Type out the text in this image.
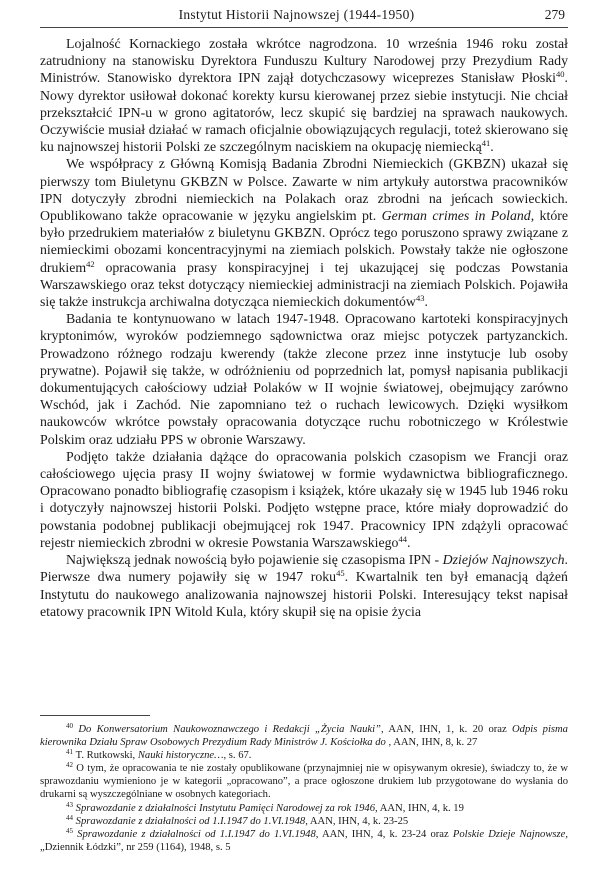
Instytut Historii Najnowszej (1944-1950)	279

Lojalność Kornackiego została wkrótce nagrodzona. 10 września 1946 roku został zatrudniony na stanowisku Dyrektora Funduszu Kultury Narodowej przy Prezydium Rady Ministrów. Stanowisko dyrektora IPN zajął dotychczasowy wiceprezes Stanisław Płoski$^{40}$. Nowy dyrektor usiłował dokonać korekty kursu kierowanej przez siebie instytucji. Nie chciał przekształcić IPN-u w grono agitatorów, lecz skupić się bardziej na sprawach naukowych. Oczywiście musiał działać w ramach oficjalnie obowiązujących regulacji, toteż skierowano się ku najnowszej historii Polski ze szczególnym naciskiem na okupację niemiecką$^{41}$.

We współpracy z Główną Komisją Badania Zbrodni Niemieckich (GKBZN) ukazał się pierwszy tom Biuletynu GKBZN w Polsce. Zawarte w nim artykuły autorstwa pracowników IPN dotyczyły zbrodni niemieckich na Polakach oraz zbrodni na jeńcach sowieckich. Opublikowano także opracowanie w języku angielskim pt. German crimes in Poland, które było przedrukiem materiałów z biuletynu GKBZN. Oprócz tego poruszono sprawy związane z niemieckimi obozami koncentracyjnymi na ziemiach polskich. Powstały także nie ogłoszone drukiem$^{42}$ opracowania prasy konspiracyjnej i tej ukazującej się podczas Powstania Warszawskiego oraz tekst dotyczący niemieckiej administracji na ziemiach Polskich. Pojawiła się także instrukcja archiwalna dotycząca niemieckich dokumentów$^{43}$.

Badania te kontynuowano w latach 1947-1948. Opracowano kartoteki konspiracyjnych kryptonimów, wyroków podziemnego sądownictwa oraz miejsc potyczek partyzanckich. Prowadzono różnego rodzaju kwerendy (także zlecone przez inne instytucje lub osoby prywatne). Pojawił się także, w odróżnieniu od poprzednich lat, pomysł napisania publikacji dokumentujących całościowy udział Polaków w II wojnie światowej, obejmujący zarówno Wschód, jak i Zachód. Nie zapomniano też o ruchach lewicowych. Dzięki wysiłkom naukowców wkrótce powstały opracowania dotyczące ruchu robotniczego w Królestwie Polskim oraz udziału PPS w obronie Warszawy.

Podjęto także działania dążące do opracowania polskich czasopism we Francji oraz całościowego ujęcia prasy II wojny światowej w formie wydawnictwa bibliograficznego. Opracowano ponadto bibliografię czasopism i książek, które ukazały się w 1945 lub 1946 roku i dotyczyły najnowszej historii Polski. Podjęto wstępne prace, które miały doprowadzić do powstania podobnej publikacji obejmującej rok 1947. Pracownicy IPN zdążyli opracować rejestr niemieckich zbrodni w okresie Powstania Warszawskiego$^{44}$.

Największą jednak nowością było pojawienie się czasopisma IPN - Dziejów Najnowszych. Pierwsze dwa numery pojawiły się w 1947 roku$^{45}$. Kwartalnik ten był emanacją dążeń Instytutu do naukowego analizowania najnowszej historii Polski. Interesujący tekst napisał etatowy pracownik IPN Witold Kula, który skupił się na opisie życia

$^{40}$ Do Konwersatorium Naukowoznawczego i Redakcji „Życia Nauki”, AAN, IHN, 1, k. 20 oraz Odpis pisma kierownika Działu Spraw Osobowych Prezydium Rady Ministrów J. Kościołka do , AAN, IHN, 8, k. 27

$^{41}$ T. Rutkowski, Nauki historyczne…, s. 67.

$^{42}$ O tym, że opracowania te nie zostały opublikowane (przynajmniej nie w opisywanym okresie), świadczy to, że w sprawozdaniu wymieniono je w kategorii „opracowano”, a prace ogłoszone drukiem lub przygotowane do wysłania do drukarni są wyszczególniane w osobnych kategoriach.

$^{43}$ Sprawozdanie z działalności Instytutu Pamięci Narodowej za rok 1946, AAN, IHN, 4, k. 19

$^{44}$ Sprawozdanie z działalności od 1.I.1947 do 1.VI.1948, AAN, IHN, 4, k. 23-25

$^{45}$ Sprawozdanie z działalności od 1.I.1947 do 1.VI.1948, AAN, IHN, 4, k. 23-24 oraz Polskie Dzieje Najnowsze, „Dziennik Łódzki”, nr 259 (1164), 1948, s. 5
